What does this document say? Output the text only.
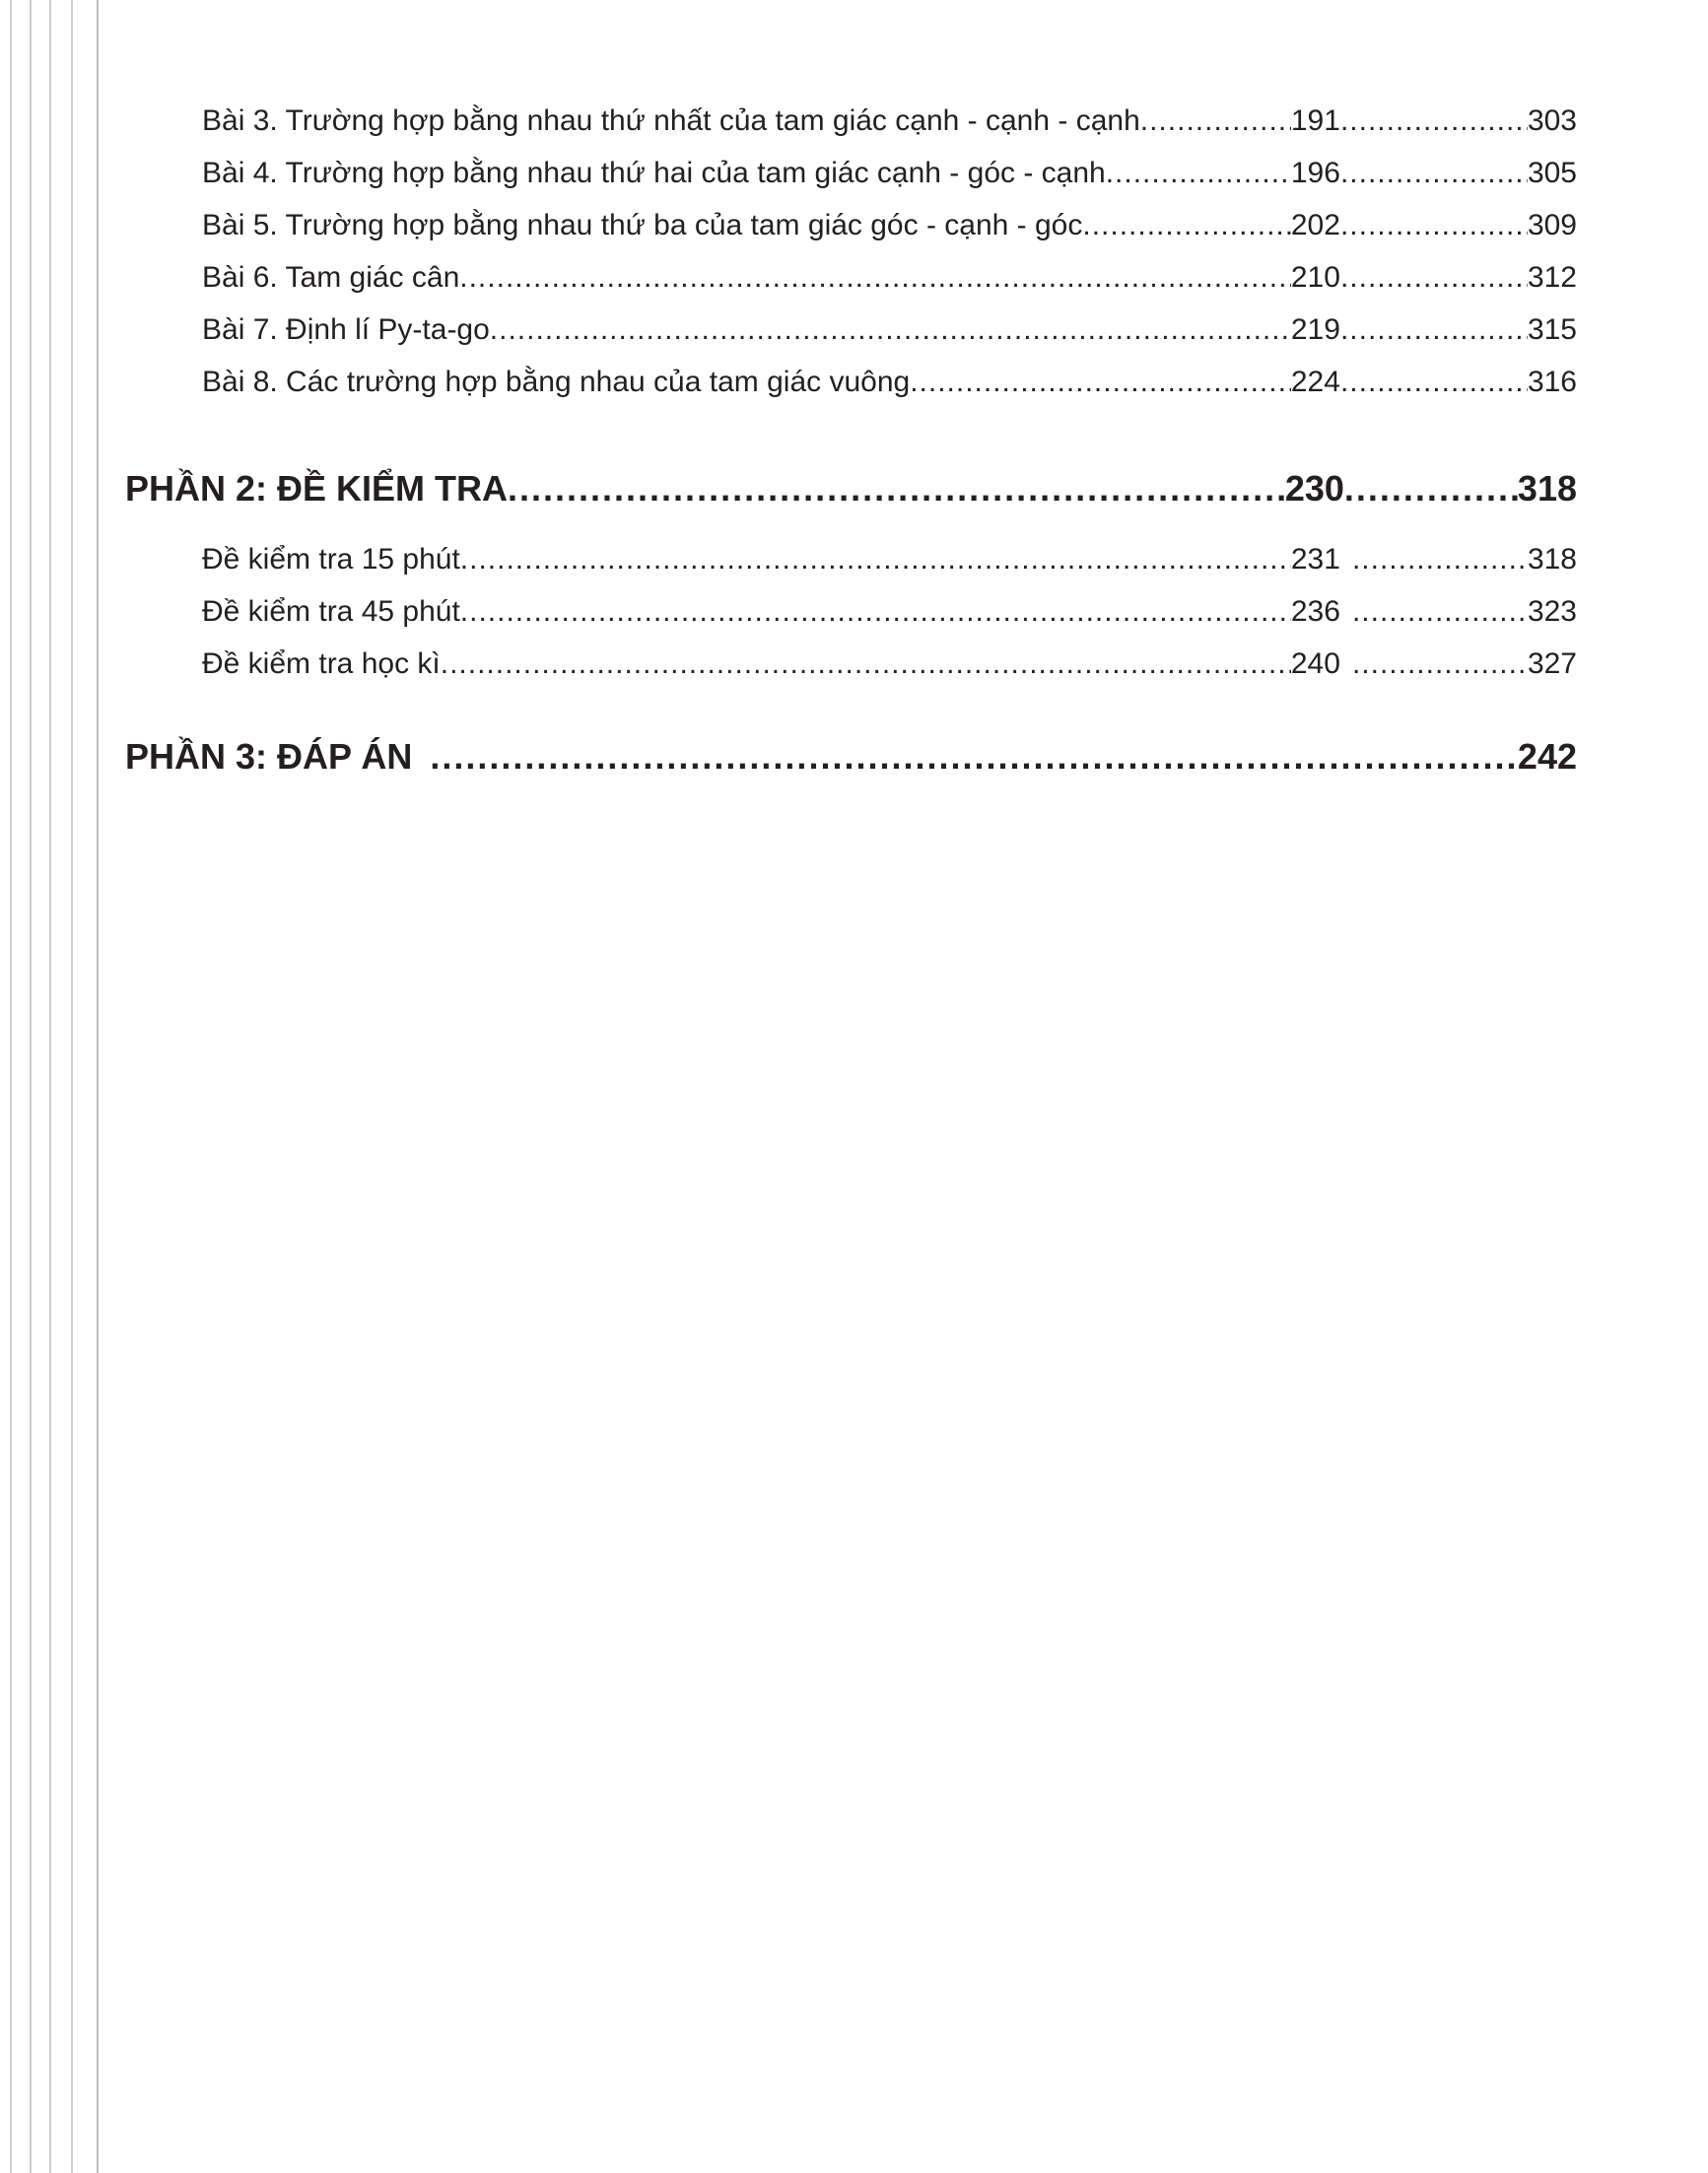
Bài 3. Trường hợp bằng nhau thứ nhất của tam giác cạnh - cạnh - cạnh .....	191 .....	303
Bài 4. Trường hợp bằng nhau thứ hai của tam giác cạnh - góc - cạnh .....	196 .....	305
Bài 5. Trường hợp bằng nhau thứ ba của tam giác góc - cạnh - góc .....	202 .....	309
Bài 6. Tam giác cân .....	210 .....	312
Bài 7. Định lí Py-ta-go .....	219 .....	315
Bài 8. Các trường hợp bằng nhau của tam giác vuông .....	224 .....	316
PHẦN 2: ĐỀ KIỂM TRA .....	230 .....	318
Đề kiểm tra 15 phút .....	231 .....	318
Đề kiểm tra 45 phút .....	236 .....	323
Đề kiểm tra học kì .....	240 .....	327
PHẦN 3: ĐÁP ÁN .....	242
